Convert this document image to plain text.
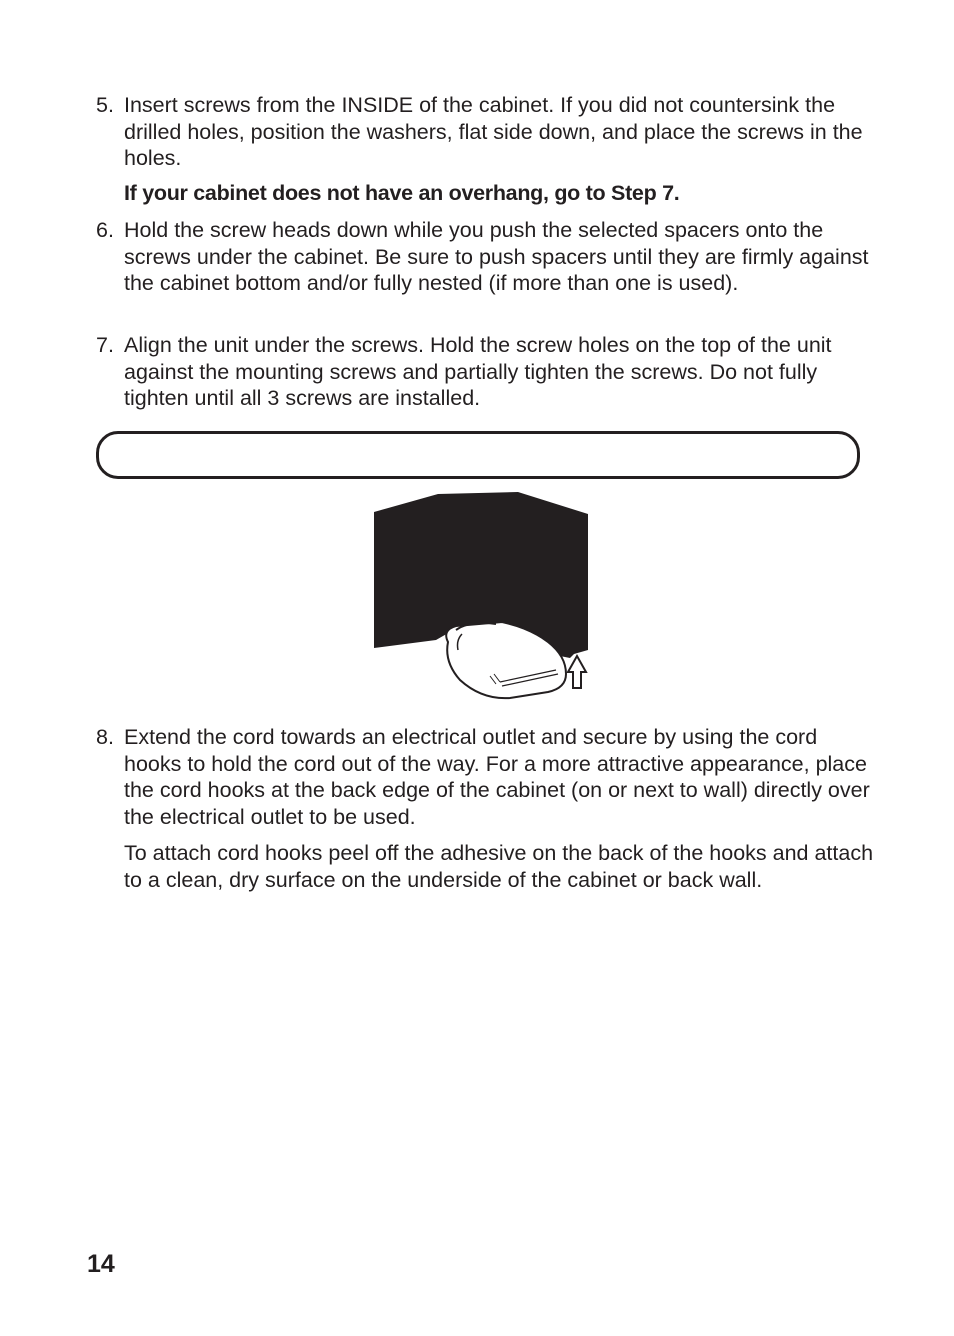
5. Insert screws from the INSIDE of the cabinet. If you did not countersink the drilled holes, position the washers, flat side down, and place the screws in the holes.
If your cabinet does not have an overhang, go to Step 7.
6. Hold the screw heads down while you push the selected spacers onto the screws under the cabinet. Be sure to push spacers until they are firmly against the cabinet bottom and/or fully nested (if more than one is used).
7. Align the unit under the screws. Hold the screw holes on the top of the unit against the mounting screws and partially tighten the screws. Do not fully tighten until all 3 screws are installed.
8. Extend the cord towards an electrical outlet and secure by using the cord hooks to hold the cord out of the way. For a more attractive appearance, place the cord hooks at the back edge of the cabinet (on or next to wall) directly over the electrical outlet to be used.
To attach cord hooks peel off the adhesive on the back of the hooks and attach to a clean, dry surface on the underside of the cabinet or back wall.
14
